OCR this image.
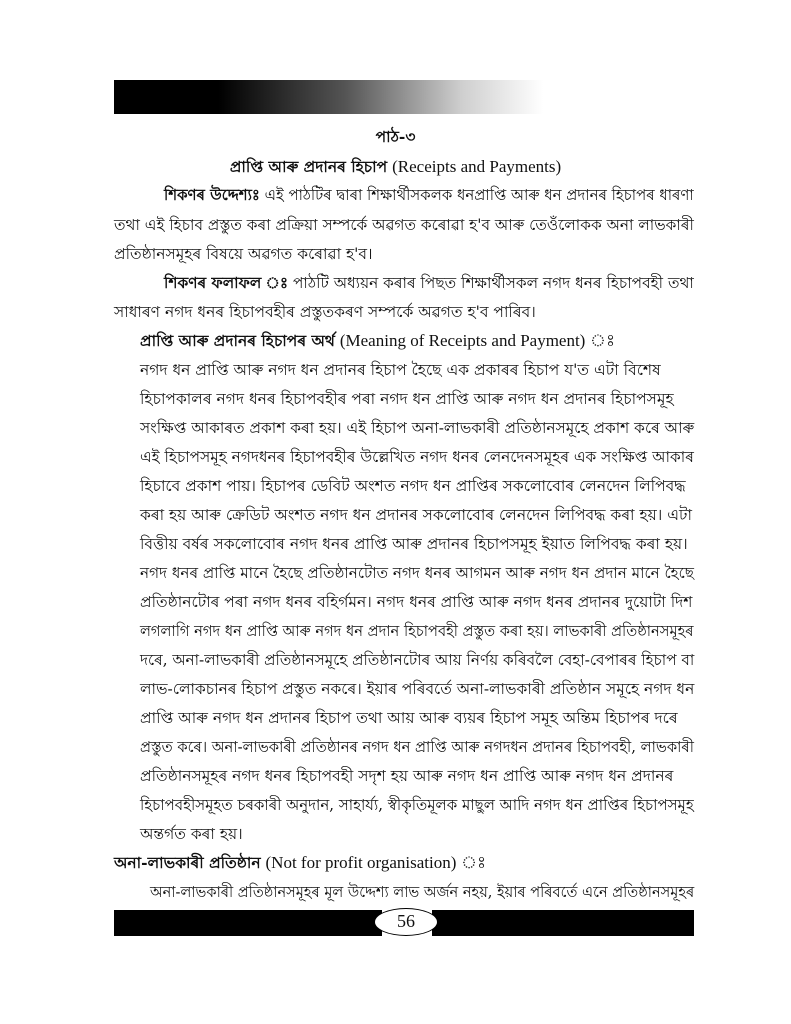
পাঠ-৩
প্ৰাপ্তি আৰু প্ৰদানৰ হিচাপ (Receipts and Payments)
শিকণৰ উদ্দেশ্যঃ এই পাঠটিৰ দ্বাৰা শিক্ষাৰ্থীসকলক ধনপ্ৰাপ্তি আৰু ধন প্ৰদানৰ হিচাপৰ ধাৰণা
তথা এই হিচাব প্ৰস্তুত কৰা প্ৰক্ৰিয়া সম্পৰ্কে অৱগত কৰোৱা হ'ব আৰু তেওঁলোকক অনা লাভকাৰী
প্ৰতিষ্ঠানসমূহৰ বিষয়ে অৱগত কৰোৱা হ'ব।
শিকণৰ ফলাফল ঃ পাঠটি অধ্যয়ন কৰাৰ পিছত শিক্ষাৰ্থীসকল নগদ ধনৰ হিচাপবহী তথা
সাধাৰণ নগদ ধনৰ হিচাপবহীৰ প্ৰস্তুতকৰণ সম্পৰ্কে অৱগত হ'ব পাৰিব।
প্ৰাপ্তি আৰু প্ৰদানৰ হিচাপৰ অৰ্থ (Meaning of Receipts and Payment) ঃ
নগদ ধন প্ৰাপ্তি আৰু নগদ ধন প্ৰদানৰ হিচাপ হৈছে এক প্ৰকাৰৰ হিচাপ য'ত এটা বিশেষ
হিচাপকালৰ নগদ ধনৰ হিচাপবহীৰ পৰা নগদ ধন প্ৰাপ্তি আৰু নগদ ধন প্ৰদানৰ হিচাপসমূহ
সংক্ষিপ্ত আকাৰত প্ৰকাশ কৰা হয়। এই হিচাপ অনা-লাভকাৰী প্ৰতিষ্ঠানসমূহে প্ৰকাশ কৰে আৰু
এই হিচাপসমূহ নগদধনৰ হিচাপবহীৰ উল্লেখিত নগদ ধনৰ লেনদেনসমূহৰ এক সংক্ষিপ্ত আকাৰ
হিচাবে প্ৰকাশ পায়। হিচাপৰ ডেবিট অংশত নগদ ধন প্ৰাপ্তিৰ সকলোবোৰ লেনদেন লিপিবদ্ধ
কৰা হয় আৰু ক্ৰেডিট অংশত নগদ ধন প্ৰদানৰ সকলোবোৰ লেনদেন লিপিবদ্ধ কৰা হয়। এটা
বিত্তীয় বৰ্ষৰ সকলোবোৰ নগদ ধনৰ প্ৰাপ্তি আৰু প্ৰদানৰ হিচাপসমূহ ইয়াত লিপিবদ্ধ কৰা হয়।
নগদ ধনৰ প্ৰাপ্তি মানে হৈছে প্ৰতিষ্ঠানটোত নগদ ধনৰ আগমন আৰু নগদ ধন প্ৰদান মানে হৈছে
প্ৰতিষ্ঠানটোৰ পৰা নগদ ধনৰ বহিৰ্গমন। নগদ ধনৰ প্ৰাপ্তি আৰু নগদ ধনৰ প্ৰদানৰ দুয়োটা দিশ
লগলাগি নগদ ধন প্ৰাপ্তি আৰু নগদ ধন প্ৰদান হিচাপবহী প্ৰস্তুত কৰা হয়। লাভকাৰী প্ৰতিষ্ঠানসমূহৰ
দৰে, অনা-লাভকাৰী প্ৰতিষ্ঠানসমূহে প্ৰতিষ্ঠানটোৰ আয় নিৰ্ণয় কৰিবলৈ বেহা-বেপাৰৰ হিচাপ বা
লাভ-লোকচানৰ হিচাপ প্ৰস্তুত নকৰে। ইয়াৰ পৰিবৰ্তে অনা-লাভকাৰী প্ৰতিষ্ঠান সমূহে নগদ ধন
প্ৰাপ্তি আৰু নগদ ধন প্ৰদানৰ হিচাপ তথা আয় আৰু ব্যয়ৰ হিচাপ সমূহ অন্তিম হিচাপৰ দৰে
প্ৰস্তুত কৰে। অনা-লাভকাৰী প্ৰতিষ্ঠানৰ নগদ ধন প্ৰাপ্তি আৰু নগদধন প্ৰদানৰ হিচাপবহী, লাভকাৰী
প্ৰতিষ্ঠানসমূহৰ নগদ ধনৰ হিচাপবহী সদৃশ হয় আৰু নগদ ধন প্ৰাপ্তি আৰু নগদ ধন প্ৰদানৰ
হিচাপবহীসমূহত চৰকাৰী অনুদান, সাহাৰ্য্য, স্বীকৃতিমূলক মাছুল আদি নগদ ধন প্ৰাপ্তিৰ হিচাপসমূহ
অন্তৰ্গত কৰা হয়।
অনা-লাভকাৰী প্ৰতিষ্ঠান (Not for profit organisation) ঃ
অনা-লাভকাৰী প্ৰতিষ্ঠানসমূহৰ মূল উদ্দেশ্য লাভ অৰ্জন নহয়, ইয়াৰ পৰিবৰ্তে এনে প্ৰতিষ্ঠানসমূহৰ
56
